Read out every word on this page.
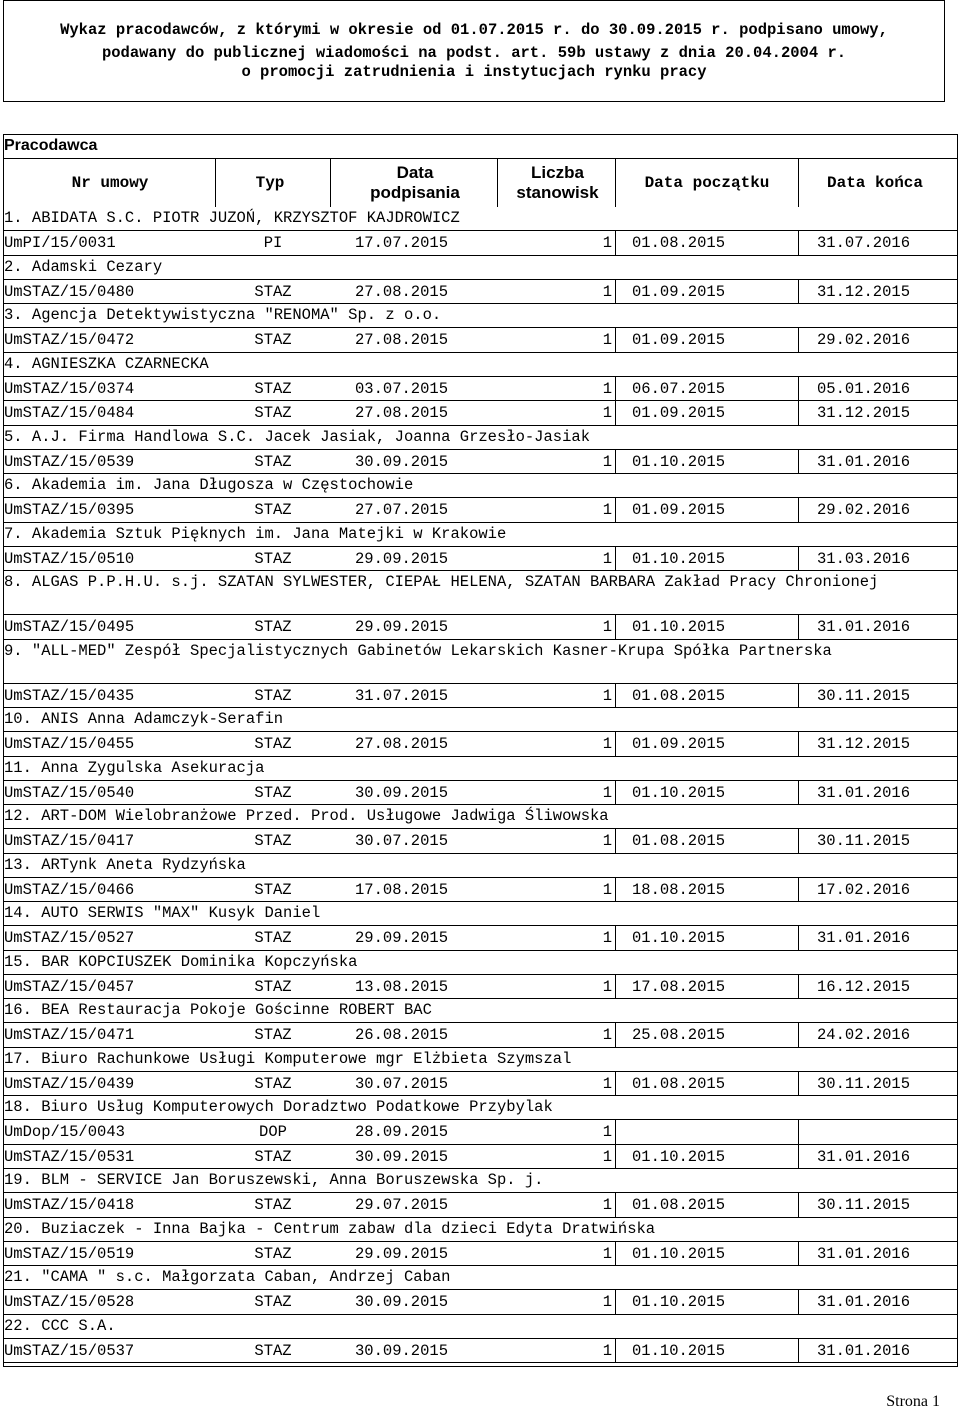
Wykaz pracodawców, z którymi w okresie od 01.07.2015 r. do 30.09.2015 r. podpisano umowy,
podawany do publicznej wiadomości na podst. art. 59b ustawy z dnia 20.04.2004 r.
o promocji zatrudnienia i instytucjach rynku pracy
Pracodawca
Nr umowy	Typ
Data
podpisania
Liczba
stanowisk	Data początku	Data końca
1. ABIDATA S.C. PIOTR JUZOŃ, KRZYSZTOF KAJDROWICZ
UmPI/15/0031	PI	17.07.2015	1 01.08.2015	31.07.2016
2. Adamski Cezary
UmSTAZ/15/0480	STAZ	27.08.2015	1 01.09.2015	31.12.2015
3. Agencja Detektywistyczna "RENOMA" Sp. z o.o.
UmSTAZ/15/0472	STAZ	27.08.2015	1 01.09.2015	29.02.2016
4. AGNIESZKA CZARNECKA
UmSTAZ/15/0374	STAZ	03.07.2015	1 06.07.2015	05.01.2016
UmSTAZ/15/0484	STAZ	27.08.2015	1 01.09.2015	31.12.2015
5. A.J. Firma Handlowa S.C. Jacek Jasiak, Joanna Grzesło-Jasiak
UmSTAZ/15/0539	STAZ	30.09.2015	1 01.10.2015	31.01.2016
6. Akademia im. Jana Długosza w Częstochowie
UmSTAZ/15/0395	STAZ	27.07.2015	1 01.09.2015	29.02.2016
7. Akademia Sztuk Pięknych im. Jana Matejki w Krakowie
UmSTAZ/15/0510	STAZ	29.09.2015	1 01.10.2015	31.03.2016
8. ALGAS P.P.H.U. s.j. SZATAN SYLWESTER, CIEPAŁ HELENA, SZATAN BARBARA Zakład Pracy Chronionej
UmSTAZ/15/0495	STAZ	29.09.2015	1 01.10.2015	31.01.2016
9. "ALL-MED" Zespół Specjalistycznych Gabinetów Lekarskich Kasner-Krupa Spółka Partnerska
UmSTAZ/15/0435	STAZ	31.07.2015	1 01.08.2015	30.11.2015
10. ANIS Anna Adamczyk-Serafin
UmSTAZ/15/0455	STAZ	27.08.2015	1 01.09.2015	31.12.2015
11. Anna Zygulska Asekuracja
UmSTAZ/15/0540	STAZ	30.09.2015	1 01.10.2015	31.01.2016
12. ART-DOM Wielobranżowe Przed. Prod. Usługowe Jadwiga Śliwowska
UmSTAZ/15/0417	STAZ	30.07.2015	1 01.08.2015	30.11.2015
13. ARTynk Aneta Rydzyńska
UmSTAZ/15/0466	STAZ	17.08.2015	1 18.08.2015	17.02.2016
14. AUTO SERWIS "MAX" Kusyk Daniel
UmSTAZ/15/0527	STAZ	29.09.2015	1 01.10.2015	31.01.2016
15. BAR KOPCIUSZEK Dominika Kopczyńska
UmSTAZ/15/0457	STAZ	13.08.2015	1 17.08.2015	16.12.2015
16. BEA Restauracja Pokoje Gościnne ROBERT BAC
UmSTAZ/15/0471	STAZ	26.08.2015	1 25.08.2015	24.02.2016
17. Biuro Rachunkowe Usługi Komputerowe mgr Elżbieta Szymszal
UmSTAZ/15/0439	STAZ	30.07.2015	1 01.08.2015	30.11.2015
18. Biuro Usług Komputerowych Doradztwo Podatkowe Przybylak
UmDop/15/0043	DOP	28.09.2015	1
UmSTAZ/15/0531	STAZ	30.09.2015	1 01.10.2015	31.01.2016
19. BLM - SERVICE Jan Boruszewski, Anna Boruszewska Sp. j.
UmSTAZ/15/0418	STAZ	29.07.2015	1 01.08.2015	30.11.2015
20. Buziaczek - Inna Bajka - Centrum zabaw dla dzieci Edyta Dratwińska
UmSTAZ/15/0519	STAZ	29.09.2015	1 01.10.2015	31.01.2016
21. "CAMA " s.c. Małgorzata Caban, Andrzej Caban
UmSTAZ/15/0528	STAZ	30.09.2015	1 01.10.2015	31.01.2016
22. CCC S.A.
UmSTAZ/15/0537	STAZ	30.09.2015	1 01.10.2015	31.01.2016
Strona 1
